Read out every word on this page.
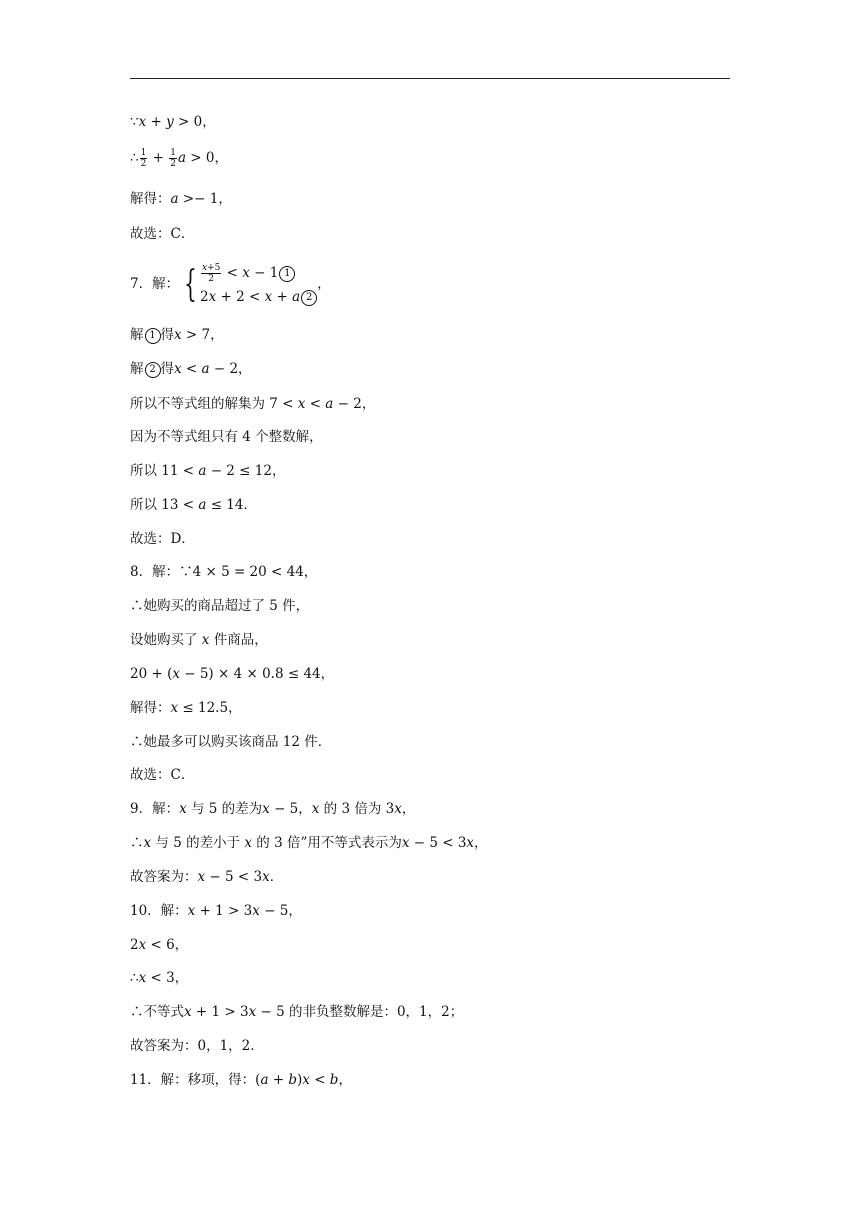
∵𝑥 + 𝑦 > 0，
∴ $\frac{1}{2} + \frac{1}{2}$ 𝑎 > 0，
解得：𝑎 >− 1，
故选：C．
7．解： { $\frac{\text{𝑥+5}}{2}$ < 𝑥 − 1 1
2𝑥 + 2 < 𝑥 + 𝑎 2
，
解 1 得𝑥 > 7，
解 2 得𝑥 < 𝑎 − 2，
所以不等式组的解集为 7 < 𝑥 < 𝑎 − 2，
因为不等式组只有 4 个整数解，
所以 11 < 𝑎 − 2 ≤ 12，
所以 13 < 𝑎 ≤ 14．
故选：D．
8．解：∵4 × 5 = 20 < 44，
∴她购买的商品超过了 5 件，
设她购买了 𝑥 件商品，
20 + (𝑥 − 5) × 4 × 0.8 ≤ 44，
解得：𝑥 ≤ 12.5，
∴她最多可以购买该商品 12 件．
故选：C．
9．解：𝑥 与 5 的差为𝑥 − 5，𝑥 的 3 倍为 3𝑥，
∴𝑥 与 5 的差小于 𝑥 的 3 倍”用不等式表示为𝑥 − 5 < 3𝑥，
故答案为：𝑥 − 5 < 3𝑥．
10．解：𝑥 + 1 > 3𝑥 − 5，
2𝑥 < 6，
∴𝑥 < 3，
∴不等式𝑥 + 1 > 3𝑥 − 5 的非负整数解是：0，1，2；
故答案为：0，1，2．
11．解：移项，得：(𝑎 + 𝑏)𝑥 < 𝑏，
